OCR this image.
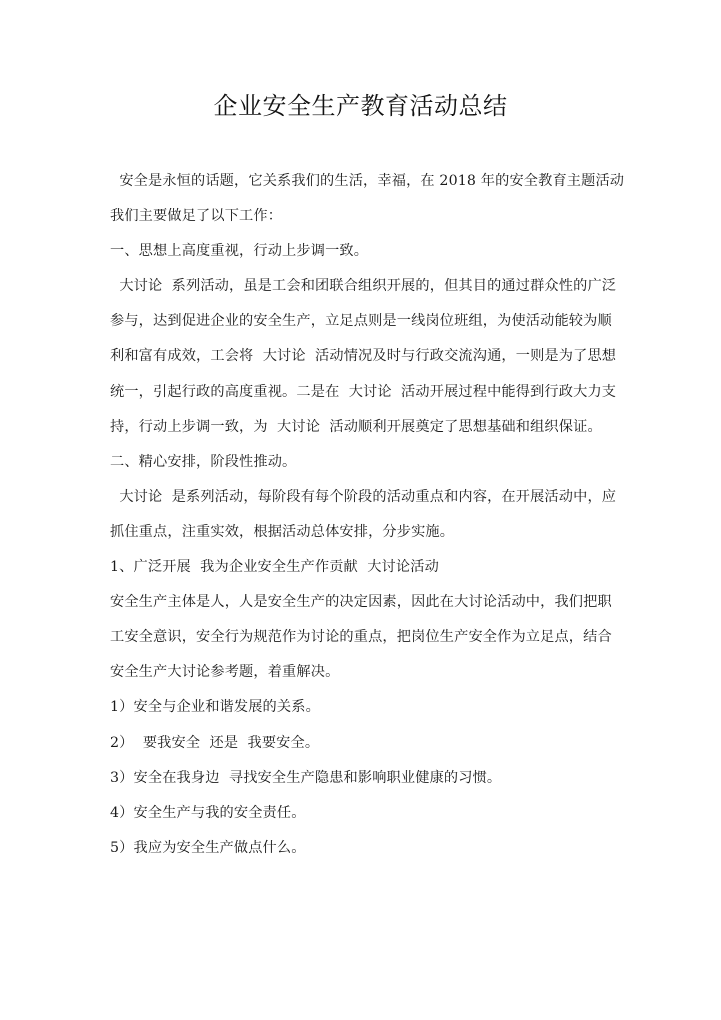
企业安全生产教育活动总结
安全是永恒的话题，它关系我们的生活，幸福，在 2018 年的安全教育主题活动
我们主要做足了以下工作：
一、思想上高度重视，行动上步调一致。
大讨论  系列活动，虽是工会和团联合组织开展的，但其目的通过群众性的广泛
参与，达到促进企业的安全生产，立足点则是一线岗位班组，为使活动能较为顺
利和富有成效，工会将  大讨论  活动情况及时与行政交流沟通，一则是为了思想
统一，引起行政的高度重视。二是在  大讨论  活动开展过程中能得到行政大力支
持，行动上步调一致，为  大讨论  活动顺利开展奠定了思想基础和组织保证。
二、精心安排，阶段性推动。
大讨论  是系列活动，每阶段有每个阶段的活动重点和内容，在开展活动中，应
抓住重点，注重实效，根据活动总体安排，分步实施。
1、广泛开展  我为企业安全生产作贡献  大讨论活动
安全生产主体是人，人是安全生产的决定因素，因此在大讨论活动中，我们把职
工安全意识，安全行为规范作为讨论的重点，把岗位生产安全作为立足点，结合
安全生产大讨论参考题，着重解决。
1）安全与企业和谐发展的关系。
2）  要我安全  还是  我要安全。
3）安全在我身边  寻找安全生产隐患和影响职业健康的习惯。
4）安全生产与我的安全责任。
5）我应为安全生产做点什么。
